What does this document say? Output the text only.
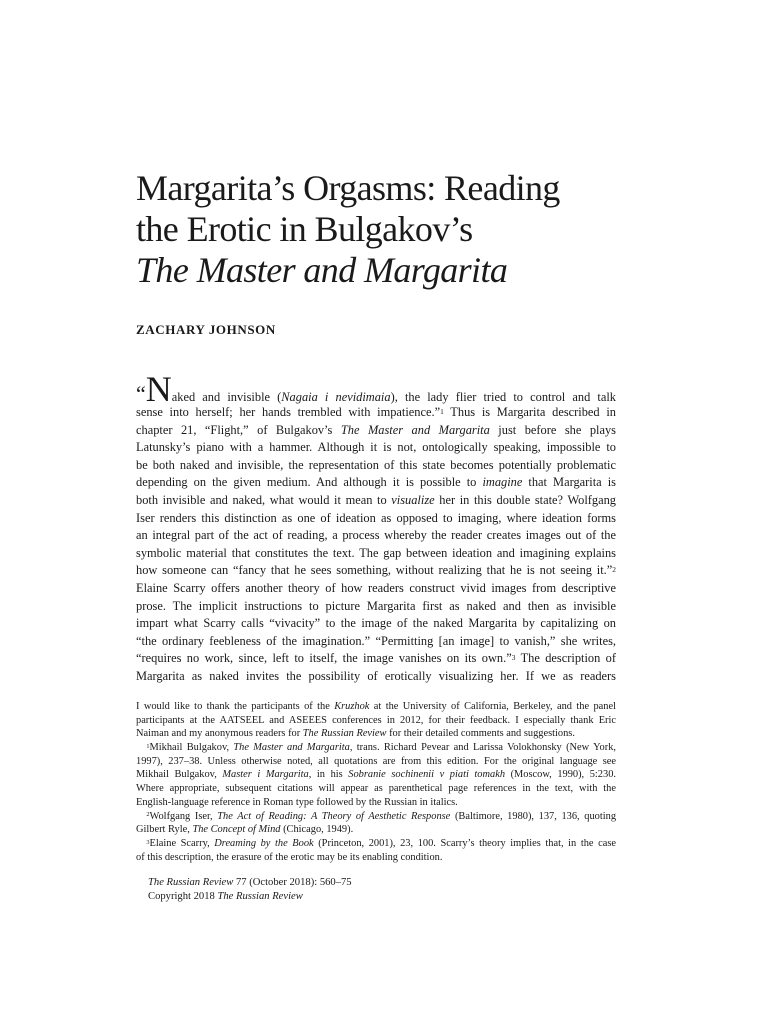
Margarita’s Orgasms: Reading
the Erotic in Bulgakov’s
The Master and Margarita
ZACHARY JOHNSON
“Naked and invisible (Nagaia i nevidimaia), the lady flier tried to control and talk
sense into herself; her hands trembled with impatience.”$^1$ Thus is Margarita described in
chapter 21, “Flight,” of Bulgakov’s The Master and Margarita just before she plays
Latunsky’s piano with a hammer. Although it is not, ontologically speaking, impossible to
be both naked and invisible, the representation of this state becomes potentially problematic
depending on the given medium. And although it is possible to imagine that Margarita is
both invisible and naked, what would it mean to visualize her in this double state? Wolfgang
Iser renders this distinction as one of ideation as opposed to imaging, where ideation forms
an integral part of the act of reading, a process whereby the reader creates images out of the
symbolic material that constitutes the text. The gap between ideation and imagining explains
how someone can “fancy that he sees something, without realizing that he is not seeing it.”$^2$
Elaine Scarry offers another theory of how readers construct vivid images from descriptive
prose. The implicit instructions to picture Margarita first as naked and then as invisible
impart what Scarry calls “vivacity” to the image of the naked Margarita by capitalizing on
“the ordinary feebleness of the imagination.” “Permitting [an image] to vanish,” she writes,
“requires no work, since, left to itself, the image vanishes on its own.”$^3$ The description of
Margarita as naked invites the possibility of erotically visualizing her. If we as readers
I would like to thank the participants of the Kruzhok at the University of California, Berkeley, and the panel
participants at the AATSEEL and ASEEES conferences in 2012, for their feedback. I especially thank Eric
Naiman and my anonymous readers for The Russian Review for their detailed comments and suggestions.
 $^1$Mikhail Bulgakov, The Master and Margarita, trans. Richard Pevear and Larissa Volokhonsky (New York,
1997), 237–38. Unless otherwise noted, all quotations are from this edition. For the original language see
Mikhail Bulgakov, Master i Margarita, in his Sobranie sochinenii v piati tomakh (Moscow, 1990), 5:230.
Where appropriate, subsequent citations will appear as parenthetical page references in the text, with the
English-language reference in Roman type followed by the Russian in italics.
 $^2$Wolfgang Iser, The Act of Reading: A Theory of Aesthetic Response (Baltimore, 1980), 137, 136, quoting
Gilbert Ryle, The Concept of Mind (Chicago, 1949).
 $^3$Elaine Scarry, Dreaming by the Book (Princeton, 2001), 23, 100. Scarry’s theory implies that, in the case
of this description, the erasure of the erotic may be its enabling condition.
The Russian Review 77 (October 2018): 560–75
Copyright 2018 The Russian Review
